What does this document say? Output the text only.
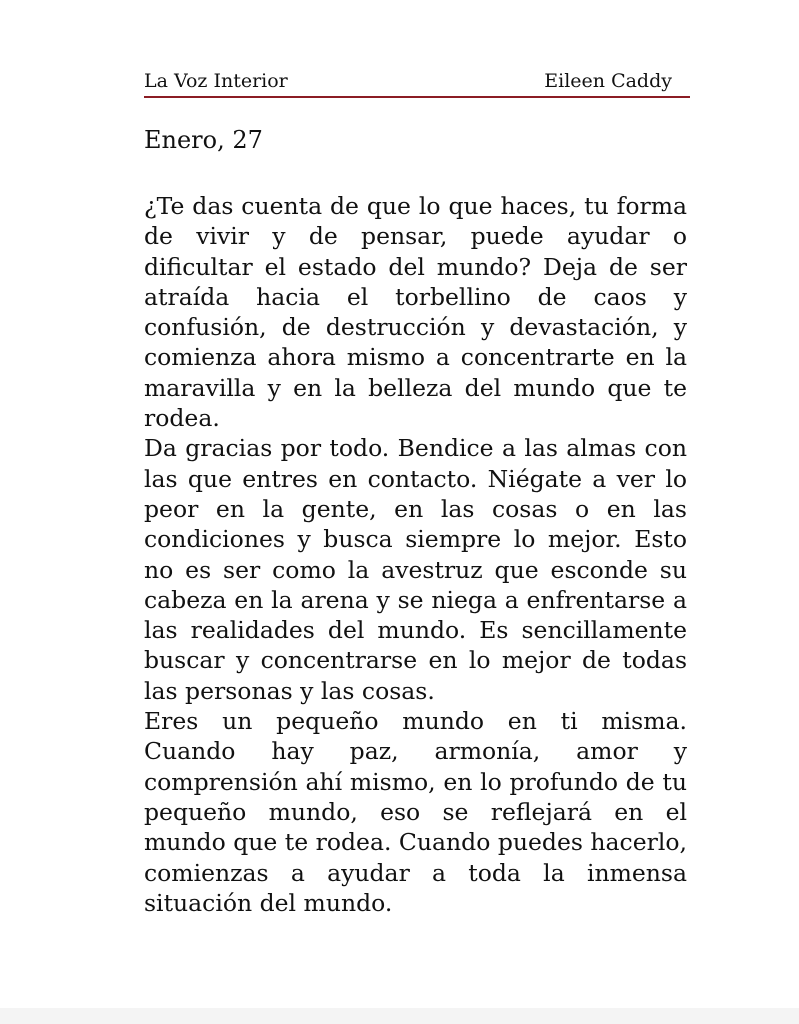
La Voz Interior	Eileen Caddy
Enero, 27

¿Te das cuenta de que lo que haces, tu forma de vivir y de pensar, puede ayudar o dificultar el estado del mundo? Deja de ser atraída hacia el torbellino de caos y confusión, de destrucción y devastación, y comienza ahora mismo a concentrarte en la maravilla y en la belleza del mundo que te rodea.

Da gracias por todo. Bendice a las almas con las que entres en contacto. Niégate a ver lo peor en la gente, en las cosas o en las condiciones y busca siempre lo mejor. Esto no es ser como la avestruz que esconde su cabeza en la arena y se niega a enfrentarse a las realidades del mundo. Es sencillamente buscar y concentrarse en lo mejor de todas las personas y las cosas.

Eres un pequeño mundo en ti misma. Cuando hay paz, armonía, amor y comprensión ahí mismo, en lo profundo de tu pequeño mundo, eso se reflejará en el mundo que te rodea. Cuando puedes hacerlo, comienzas a ayudar a toda la inmensa situación del mundo.
